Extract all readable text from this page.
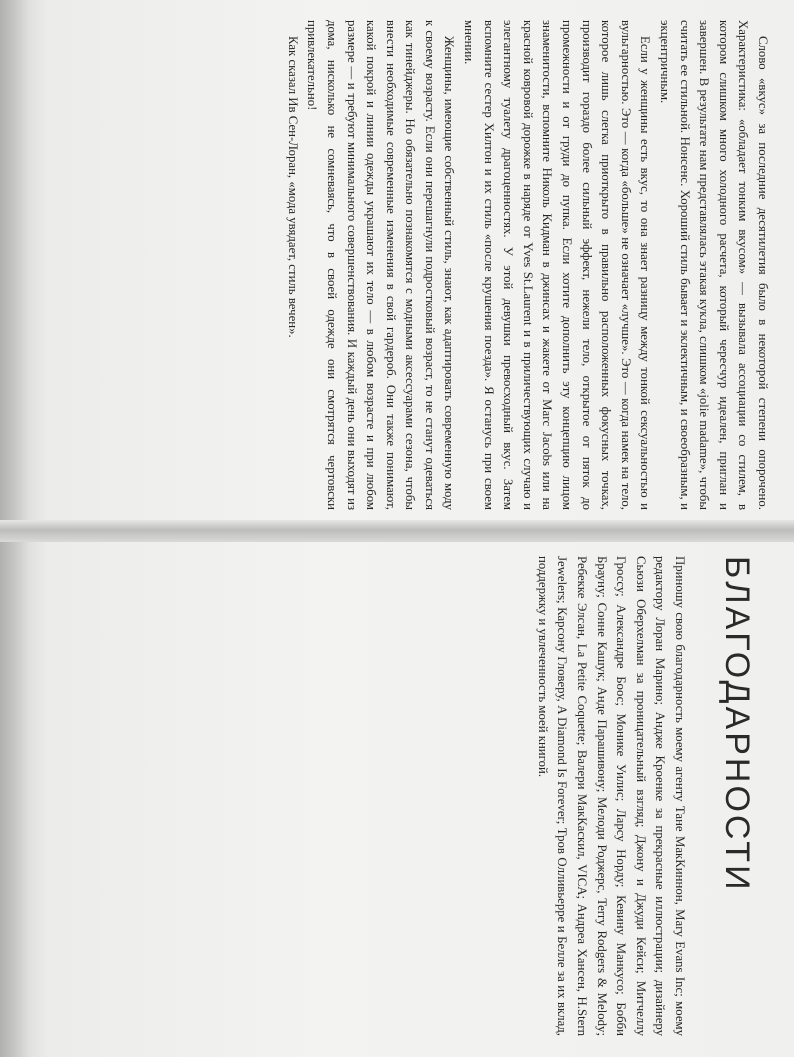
Слово «вкус» за последние десятилетия было в некоторой степени опорочено. Характеристика: «обладает тонким вкусом» — вызывала ассоциации со стилем, в котором слишком много холодного расчета, который чересчур идеален, приглан и завершен. В результате нам представлялась этакая кукла, слишком «jolie madame», чтобы считать ее стильной. Нонсенс. Хороший стиль бывает и эклектичным, и своеобразным, и экцентричным.

Если у женщины есть вкус, то она знает разницу между тонкой сексуальностью и вульгарностью. Это — когда «больше» не означает «лучше». Это — когда намек на тело, которое лишь слегка приоткрыто в правильно расположенных фокусных точках, производит гораздо более сильный эффект, нежели тело, открытое от пяток до промежности и от груди до пупка. Если хотите дополнить эту концепцию лицом знаменитости, вспомните Николь Кидман в джинсах и жакете от Marc Jacobs или на красной ковровой дорожке в наряде от Yves St.Laurent и в приличествующих случаю и элегантному туалету драгоценностях. У этой девушки превосходный вкус. Затем вспомните сестер Хилтон и их стиль «после крушения поезда». Я останусь при своем мнении.

Женщины, имеющие собственный стиль, знают, как адаптировать современную моду к своему возрасту. Если они перешагнули подростковый возраст, то не станут одеваться как тинейджеры. Но обязательно познакомятся с модными аксессуарами сезона, чтобы внести необходимые современные изменения в свой гардероб. Они также понимают, какой покрой и линии одежды украшают их тело — в любом возрасте и при любом размере — и требуют минимального совершенствования. И каждый день они выходят из дома, нисколько не сомневаясь, что в своей одежде они смотрятся чертовски привлекательно!

Как сказал Ив Сен-Лоран, «мода увядает, стиль вечен».

БЛАГОДАРНОСТИ

Приношу свою благодарность моему агенту Тане МакКиннон, Mary Evans Inc; моему редактору Лоран Марино; Андже Кроенке за прекрасные иллюстрации; дизайнеру Сьюзи Оберхелман за проницательный взгляд; Джону и Джуди Кейси; Митчеллу Гроссу; Александре Боос; Монике Уилис; Ларсу Норду; Кевину Манкусо; Бобби Брауну; Сонне Кашук; Анде Парашивону; Мелоди Роджерс, Terry Rodgers & Melody; Ребекке Элсан, La Petite Coquette; Валери МакКаскил, VICA; Андреа Хансен, H.Stern Jewelers; Карсону Гловеру, A Diamond Is Forever; Тров Олливьерре и Белле за их вклад, поддержку и увлеченность моей книгой.
